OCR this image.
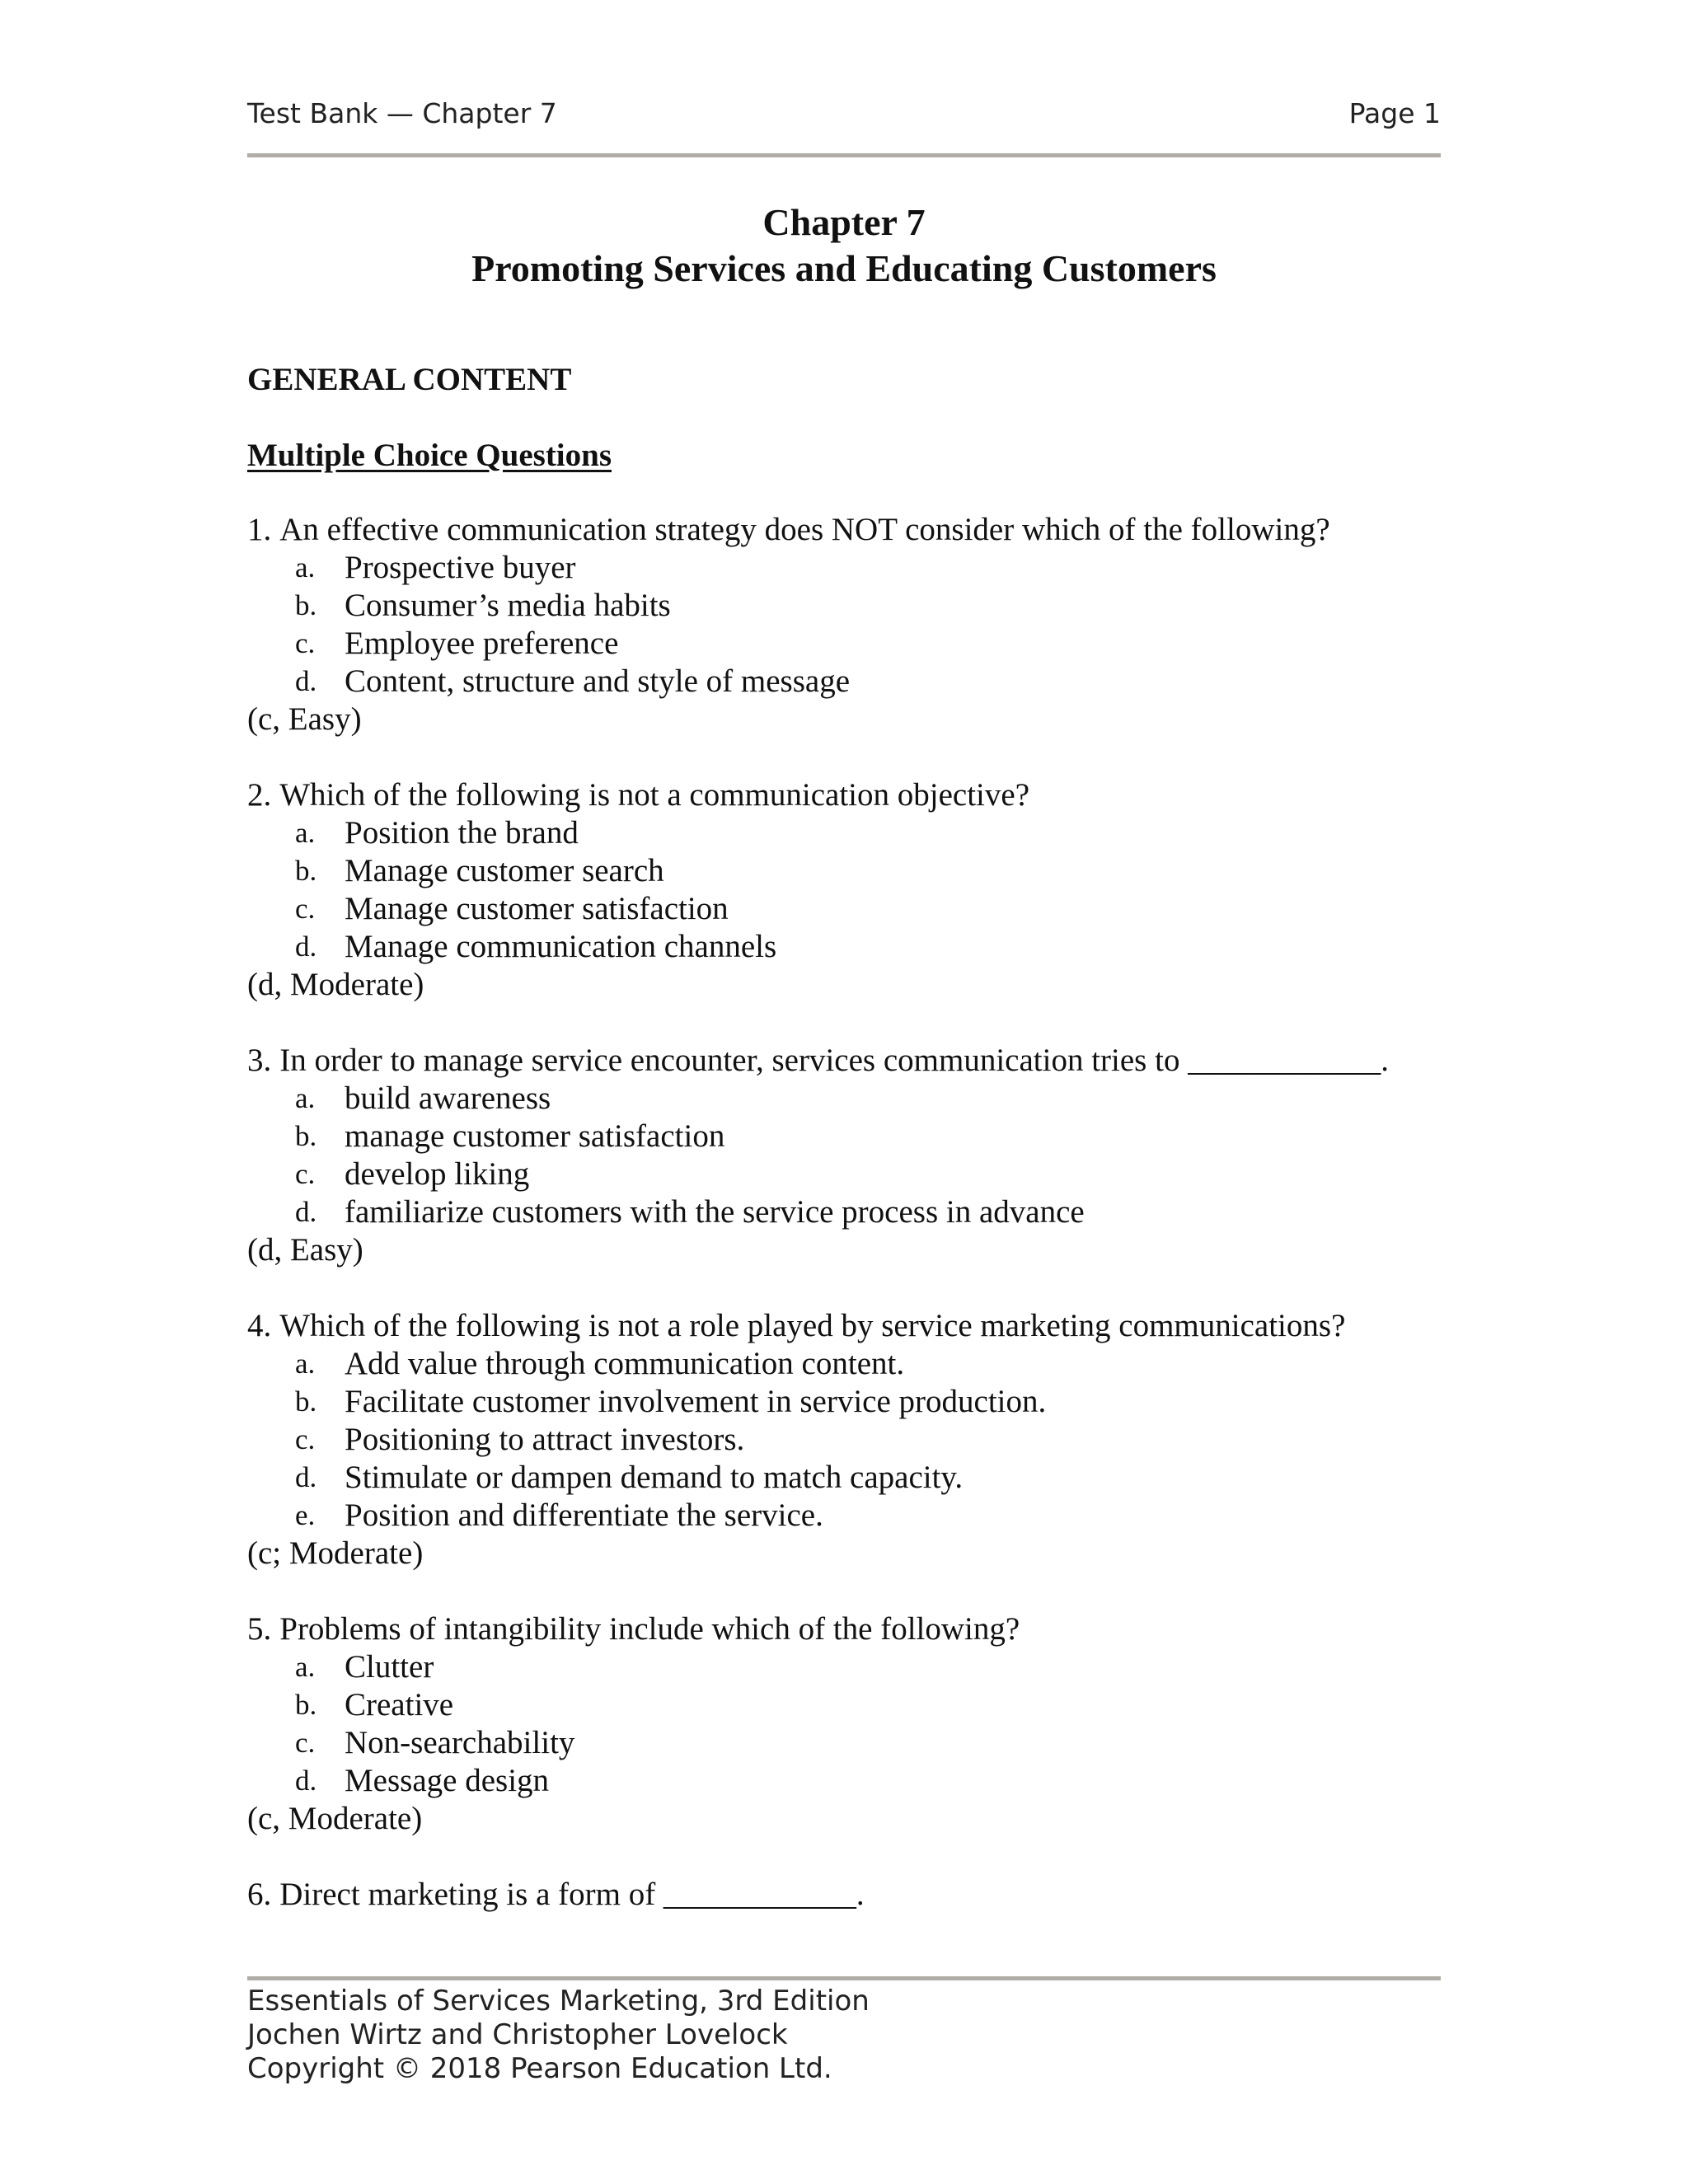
Test Bank — Chapter 7	Page 1
Chapter 7
Promoting Services and Educating Customers
GENERAL CONTENT
Multiple Choice Questions
1. An effective communication strategy does NOT consider which of the following?
a. Prospective buyer
b. Consumer’s media habits
c. Employee preference
d. Content, structure and style of message
(c, Easy)
2. Which of the following is not a communication objective?
a. Position the brand
b. Manage customer search
c. Manage customer satisfaction
d. Manage communication channels
(d, Moderate)
3. In order to manage service encounter, services communication tries to ____________.
a. build awareness
b. manage customer satisfaction
c. develop liking
d. familiarize customers with the service process in advance
(d, Easy)
4. Which of the following is not a role played by service marketing communications?
a. Add value through communication content.
b. Facilitate customer involvement in service production.
c. Positioning to attract investors.
d. Stimulate or dampen demand to match capacity.
e. Position and differentiate the service.
(c; Moderate)
5. Problems of intangibility include which of the following?
a. Clutter
b. Creative
c. Non-searchability
d. Message design
(c, Moderate)
6. Direct marketing is a form of ____________.
Essentials of Services Marketing, 3rd Edition
Jochen Wirtz and Christopher Lovelock
Copyright © 2018 Pearson Education Ltd.
